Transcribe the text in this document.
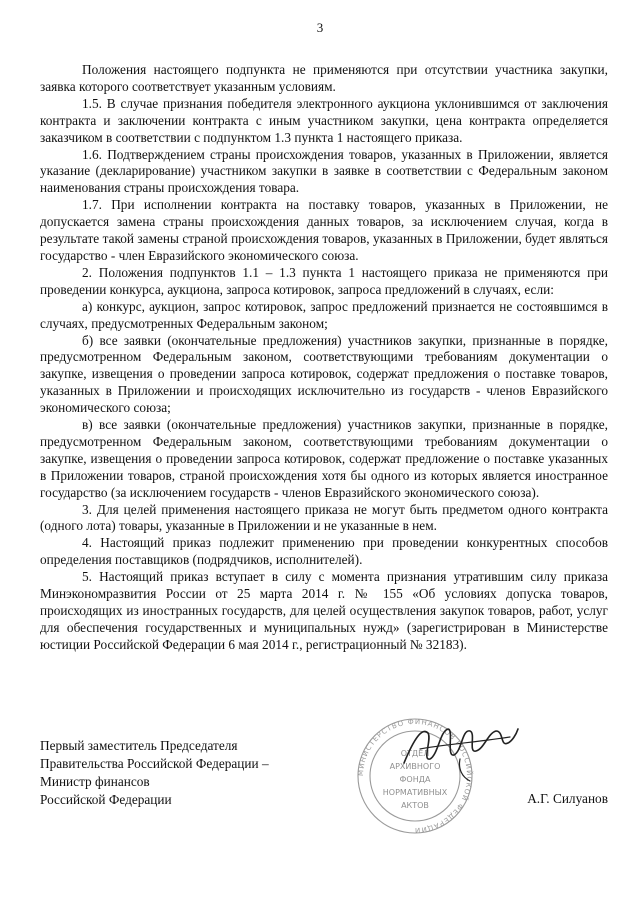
3

Положения настоящего подпункта не применяются при отсутствии участника закупки, заявка которого соответствует указанным условиям.

1.5. В случае признания победителя электронного аукциона уклонившимся от заключения контракта и заключении контракта с иным участником закупки, цена контракта определяется заказчиком в соответствии с подпунктом 1.3 пункта 1 настоящего приказа.

1.6. Подтверждением страны происхождения товаров, указанных в Приложении, является указание (декларирование) участником закупки в заявке в соответствии с Федеральным законом наименования страны происхождения товара.

1.7. При исполнении контракта на поставку товаров, указанных в Приложении, не допускается замена страны происхождения данных товаров, за исключением случая, когда в результате такой замены страной происхождения товаров, указанных в Приложении, будет являться государство - член Евразийского экономического союза.

2. Положения подпунктов 1.1 – 1.3 пункта 1 настоящего приказа не применяются при проведении конкурса, аукциона, запроса котировок, запроса предложений в случаях, если:

а) конкурс, аукцион, запрос котировок, запрос предложений признается не состоявшимся в случаях, предусмотренных Федеральным законом;

б) все заявки (окончательные предложения) участников закупки, признанные в порядке, предусмотренном Федеральным законом, соответствующими требованиям документации о закупке, извещения о проведении запроса котировок, содержат предложения о поставке товаров, указанных в Приложении и происходящих исключительно из государств - членов Евразийского экономического союза;

в) все заявки (окончательные предложения) участников закупки, признанные в порядке, предусмотренном Федеральным законом, соответствующими требованиям документации о закупке, извещения о проведении запроса котировок, содержат предложение о поставке указанных в Приложении товаров, страной происхождения хотя бы одного из которых является иностранное государство (за исключением государств - членов Евразийского экономического союза).

3. Для целей применения настоящего приказа не могут быть предметом одного контракта (одного лота) товары, указанные в Приложении и не указанные в нем.

4. Настоящий приказ подлежит применению при проведении конкурентных способов определения поставщиков (подрядчиков, исполнителей).

5. Настоящий приказ вступает в силу с момента признания утратившим силу приказа Минэкономразвития России от 25 марта 2014 г. № 155 «Об условиях допуска товаров, происходящих из иностранных государств, для целей осуществления закупок товаров, работ, услуг для обеспечения государственных и муниципальных нужд» (зарегистрирован в Министерстве юстиции Российской Федерации 6 мая 2014 г., регистрационный № 32183).

Первый заместитель Председателя
Правительства Российской Федерации –
Министр финансов
Российской Федерации
МИНИСТЕРСТВО ФИНАНСОВ РОССИЙСКОЙ ФЕДЕРАЦИИ
ОТДЕЛ
АРХИВНОГО
ФОНДА
НОРМАТИВНЫХ
АКТОВ	А.Г. Силуанов
